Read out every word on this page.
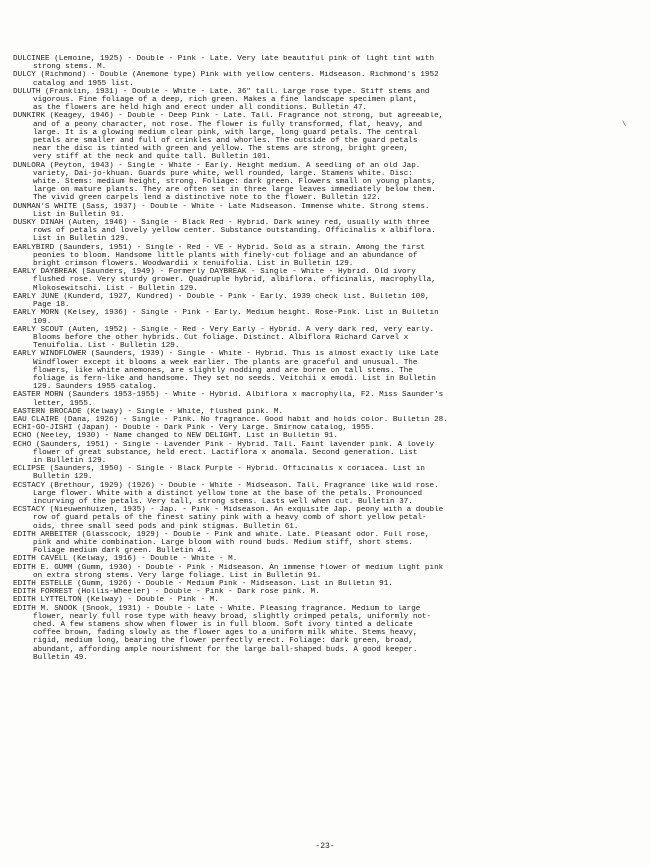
DULCINEE (Lemoine, 1925) - Double - Pink - Late. Very late beautiful pink of light tint with
strong stems. M.

DULCY (Richmond) - Double (Anemone type) Pink with yellow centers. Midseason. Richmond's 1952
catalog and 1955 list.

DULUTH (Franklin, 1931) - Double - White - Late. 36" tall. Large rose type. Stiff stems and
vigorous. Fine foliage of a deep, rich green. Makes a fine landscape specimen plant,
as the flowers are held high and erect under all conditions. Bulletin 47.

DUNKIRK (Keagey, 1946) - Double - Deep Pink - Late. Tall. Fragrance not strong, but agreeable,
and of a peony character, not rose. The flower is fully transformed, flat, heavy, and
large. It is a glowing medium clear pink, with large, long guard petals. The central
petals are smaller and full of crinkles and whorles. The outside of the guard petals
near the disc is tinted with green and yellow. The stems are strong, bright green,
very stiff at the neck and quite tall. Bulletin 101.

DUNLORA (Peyton, 1943) - Single - White - Early. Height medium. A seedling of an old Jap.
variety, Dai-jo-khuan. Guards pure white, well rounded, large. Stamens white. Disc:
white. Stems: medium height, strong. Foliage: dark green. Flowers small on young plants,
large on mature plants. They are often set in three large leaves immediately below them.
The vivid green carpels lend a distinctive note to the flower. Bulletin 122.

DUNMAN'S WHITE (Sass, 1937) - Double - White - Late Midseason. Immense white. Strong stems.
List in Bulletin 91.

DUSKY DINAH (Auten, 1946) - Single - Black Red - Hybrid. Dark winey red, usually with three
rows of petals and lovely yellow center. Substance outstanding. Officinalis x albiflora.
List in Bulletin 129.

EARLYBIRD (Saunders, 1951) - Single - Red - VE - Hybrid. Sold as a strain. Among the first
peonies to bloom. Handsome little plants with finely-cut foliage and an abundance of
bright crimson flowers. Woodwardii x tenuifolia. List in Bulletin 129.

EARLY DAYBREAK (Saunders, 1949) - Formerly DAYBREAK - Single - White - Hybrid. Old ivory
flushed rose. Very sturdy grower. Quadruple hybrid, albiflora. officinalis, macrophylla,
Mlokosewitschi. List - Bulletin 129.

EARLY JUNE (Kunderd, 1927, Kundred) - Double - Pink - Early. 1939 check list. Bulletin 100,
Page 18.

EARLY MORN (Kelsey, 1936) - Single - Pink - Early. Medium height. Rose-Pink. List in Bulletin
109.

EARLY SCOUT (Auten, 1952) - Single - Red - Very Early - Hybrid. A very dark red, very early.
Blooms before the other hybrids. Cut foliage. Distinct. Albiflora Richard Carvel x
Tenuifolia. List - Bulletin 129.

EARLY WINDFLOWER (Saunders, 1939) - Single - White - Hybrid. This is almost exactly like Late
Windflower except it blooms a week earlier. The plants are graceful and unusual. The
flowers, like white anemones, are slightly nodding and are borne on tall stems. The
foliage is fern-like and handsome. They set no seeds. Veitchii x emodi. List in Bulletin
129. Saunders 1955 catalog.

EASTER MORN (Saunders 1953-1955) - White - Hybrid. Albiflora x macrophylla, F2. Miss Saunder's
letter, 1955.

EASTERN BROCADE (Kelway) - Single - White, flushed pink. M.

EAU CLAIRE (Dana, 1926) - Single - Pink. No fragrance. Good habit and holds color. Bulletin 28.

ECHI-GO-JISHI (Japan) - Double - Dark Pink - Very Large. Smirnow catalog, 1955.

ECHO (Neeley, 1930) - Name changed to NEW DELIGHT. List in Bulletin 91.

ECHO (Saunders, 1951) - Single - Lavender Pink - Hybrid. Tall. Faint lavender pink. A lovely
flower of great substance, held erect. Lactiflora x anomala. Second generation. List
in Bulletin 129.

ECLIPSE (Saunders, 1950) - Single - Black Purple - Hybrid. Officinalis x coriacea. List in
Bulletin 129.

ECSTACY (Brethour, 1929) (1926) - Double - White - Midseason. Tall. Fragrance like wild rose.
Large flower. White with a distinct yellow tone at the base of the petals. Pronounced
incurving of the petals. Very tall, strong stems. Lasts well when cut. Bulletin 37.

ECSTACY (Nieuwenhuizen, 1935) - Jap. - Pink - Midseason. An exquisite Jap. peony with a double
row of guard petals of the finest satiny pink with a heavy comb of short yellow petal-
oids, three small seed pods and pink stigmas. Bulletin 61.

EDITH ARBEITER (Glasscock, 1929) - Double - Pink and white. Late. Pleasant odor. Full rose,
pink and white combination. Large bloom with round buds. Medium stiff, short stems.
Foliage medium dark green. Bulletin 41.

EDITH CAVELL (Kelway, 1916) - Double - White - M.

EDITH E. GUMM (Gumm, 1930) - Double - Pink - Midseason. An immense flower of medium light pink
on extra strong stems. Very large foliage. List in Bulletin 91.

EDITH ESTELLE (Gumm, 1926) - Double - Medium Pink - Midseason. List in Bulletin 91.

EDITH FORREST (Hollis-Wheeler) - Double - Pink - Dark rose pink. M.

EDITH LYTTELTON (Kelway) - Double - Pink - M.

EDITH M. SNOOK (Snook, 1931) - Double - Late - White. Pleasing fragrance. Medium to large
flower, nearly full rose type with heavy broad, slightly crimped petals, uniformly not-
ched. A few stamens show when flower is in full bloom. Soft ivory tinted a delicate
coffee brown, fading slowly as the flower ages to a uniform milk white. Stems heavy,
rigid, medium long, bearing the flower perfectly erect. Foliage: dark green, broad,
abundant, affording ample nourishment for the large ball-shaped buds. A good keeper.
Bulletin 49.

\
-23-
